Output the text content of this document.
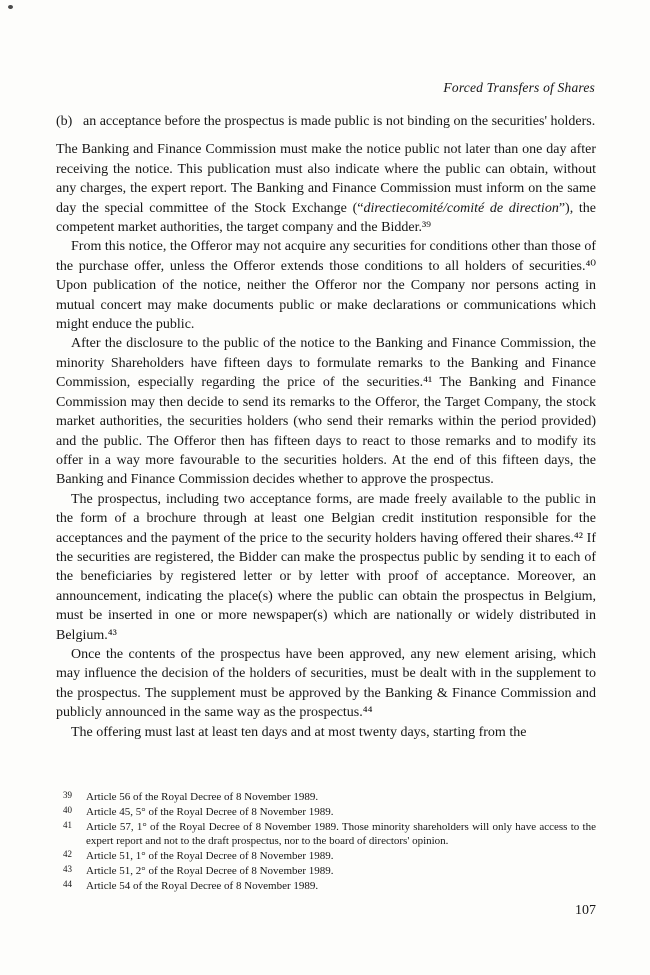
Forced Transfers of Shares
(b) an acceptance before the prospectus is made public is not binding on the securities' holders.

The Banking and Finance Commission must make the notice public not later than one day after receiving the notice. This publication must also indicate where the public can obtain, without any charges, the expert report. The Banking and Finance Commission must inform on the same day the special committee of the Stock Exchange (“directiecomité/comité de direction”), the competent market authorities, the target company and the Bidder.³⁹

From this notice, the Offeror may not acquire any securities for conditions other than those of the purchase offer, unless the Offeror extends those conditions to all holders of securities.⁴⁰ Upon publication of the notice, neither the Offeror nor the Company nor persons acting in mutual concert may make documents public or make declarations or communications which might enduce the public.

After the disclosure to the public of the notice to the Banking and Finance Commission, the minority Shareholders have fifteen days to formulate remarks to the Banking and Finance Commission, especially regarding the price of the securities.⁴¹ The Banking and Finance Commission may then decide to send its remarks to the Offeror, the Target Company, the stock market authorities, the securities holders (who send their remarks within the period provided) and the public. The Offeror then has fifteen days to react to those remarks and to modify its offer in a way more favourable to the securities holders. At the end of this fifteen days, the Banking and Finance Commission decides whether to approve the prospectus.

The prospectus, including two acceptance forms, are made freely available to the public in the form of a brochure through at least one Belgian credit institution responsible for the acceptances and the payment of the price to the security holders having offered their shares.⁴² If the securities are registered, the Bidder can make the prospectus public by sending it to each of the beneficiaries by registered letter or by letter with proof of acceptance. Moreover, an announcement, indicating the place(s) where the public can obtain the prospectus in Belgium, must be inserted in one or more newspaper(s) which are nationally or widely distributed in Belgium.⁴³

Once the contents of the prospectus have been approved, any new element arising, which may influence the decision of the holders of securities, must be dealt with in the supplement to the prospectus. The supplement must be approved by the Banking & Finance Commission and publicly announced in the same way as the prospectus.⁴⁴

The offering must last at least ten days and at most twenty days, starting from the

39	Article 56 of the Royal Decree of 8 November 1989.
40	Article 45, 5° of the Royal Decree of 8 November 1989.
41	Article 57, 1° of the Royal Decree of 8 November 1989. Those minority shareholders will only have access to the expert report and not to the draft prospectus, nor to the board of directors' opinion.
42	Article 51, 1° of the Royal Decree of 8 November 1989.
43	Article 51, 2° of the Royal Decree of 8 November 1989.
44	Article 54 of the Royal Decree of 8 November 1989.
107
